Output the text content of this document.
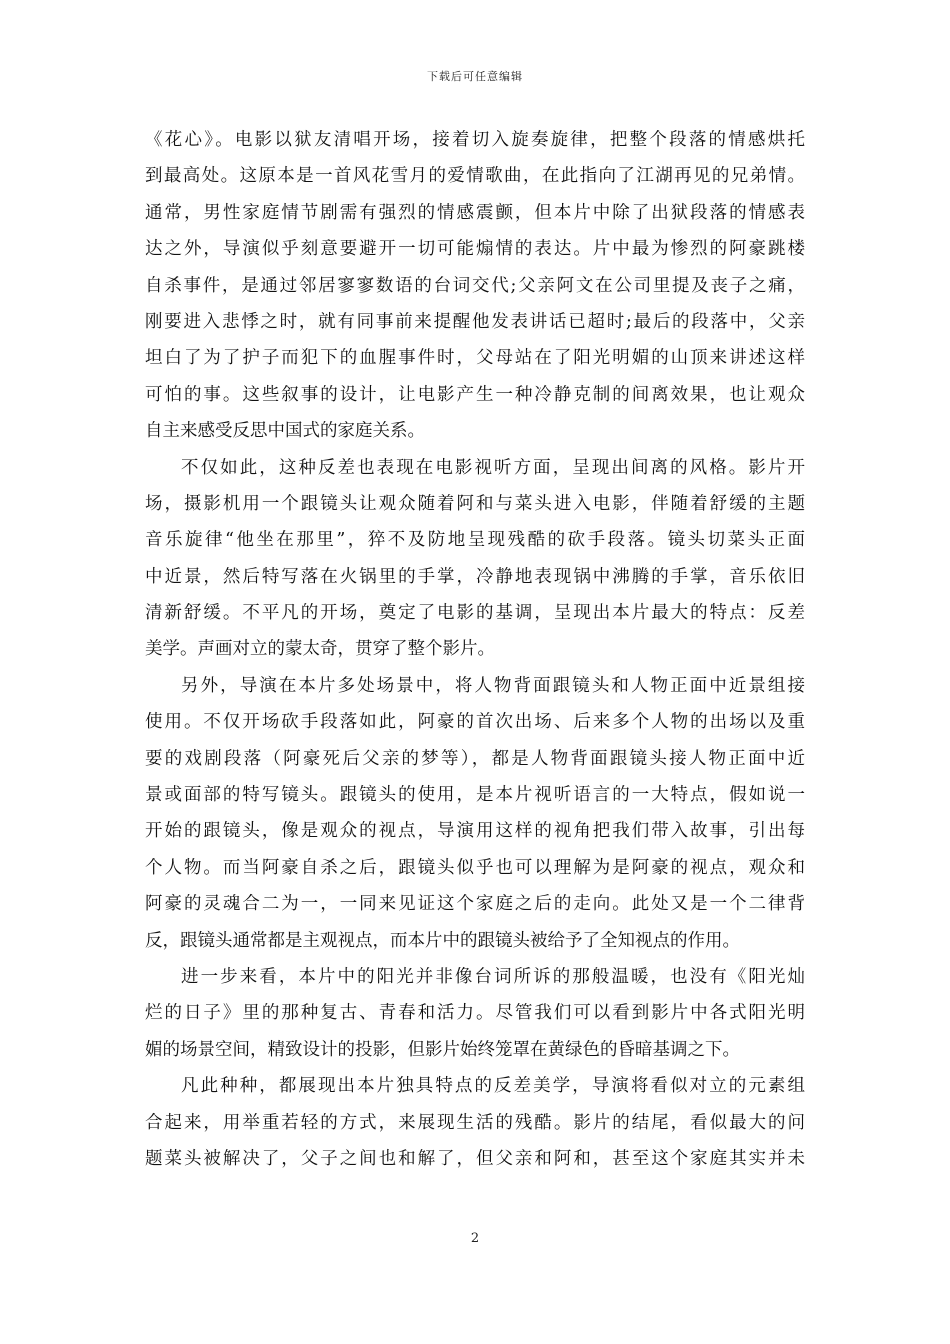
下载后可任意编辑
《花心》。电影以狱友清唱开场，接着切入旋奏旋律，把整个段落的情感烘托
到最高处。这原本是一首风花雪月的爱情歌曲，在此指向了江湖再见的兄弟情。
通常，男性家庭情节剧需有强烈的情感震颤，但本片中除了出狱段落的情感表
达之外，导演似乎刻意要避开一切可能煽情的表达。片中最为惨烈的阿豪跳楼
自杀事件，是通过邻居寥寥数语的台词交代;父亲阿文在公司里提及丧子之痛，
刚要进入悲悸之时，就有同事前来提醒他发表讲话已超时;最后的段落中，父亲
坦白了为了护子而犯下的血腥事件时，父母站在了阳光明媚的山顶来讲述这样
可怕的事。这些叙事的设计，让电影产生一种冷静克制的间离效果，也让观众
自主来感受反思中国式的家庭关系。
不仅如此，这种反差也表现在电影视听方面，呈现出间离的风格。影片开
场，摄影机用一个跟镜头让观众随着阿和与菜头进入电影，伴随着舒缓的主题
音乐旋律“他坐在那里”，猝不及防地呈现残酷的砍手段落。镜头切菜头正面
中近景，然后特写落在火锅里的手掌，冷静地表现锅中沸腾的手掌，音乐依旧
清新舒缓。不平凡的开场，奠定了电影的基调，呈现出本片最大的特点：反差
美学。声画对立的蒙太奇，贯穿了整个影片。
另外，导演在本片多处场景中，将人物背面跟镜头和人物正面中近景组接
使用。不仅开场砍手段落如此，阿豪的首次出场、后来多个人物的出场以及重
要的戏剧段落（阿豪死后父亲的梦等），都是人物背面跟镜头接人物正面中近
景或面部的特写镜头。跟镜头的使用，是本片视听语言的一大特点，假如说一
开始的跟镜头，像是观众的视点，导演用这样的视角把我们带入故事，引出每
个人物。而当阿豪自杀之后，跟镜头似乎也可以理解为是阿豪的视点，观众和
阿豪的灵魂合二为一，一同来见证这个家庭之后的走向。此处又是一个二律背
反，跟镜头通常都是主观视点，而本片中的跟镜头被给予了全知视点的作用。
进一步来看，本片中的阳光并非像台词所诉的那般温暖，也没有《阳光灿
烂的日子》里的那种复古、青春和活力。尽管我们可以看到影片中各式阳光明
媚的场景空间，精致设计的投影，但影片始终笼罩在黄绿色的昏暗基调之下。
凡此种种，都展现出本片独具特点的反差美学，导演将看似对立的元素组
合起来，用举重若轻的方式，来展现生活的残酷。影片的结尾，看似最大的问
题菜头被解决了，父子之间也和解了，但父亲和阿和，甚至这个家庭其实并未
2
